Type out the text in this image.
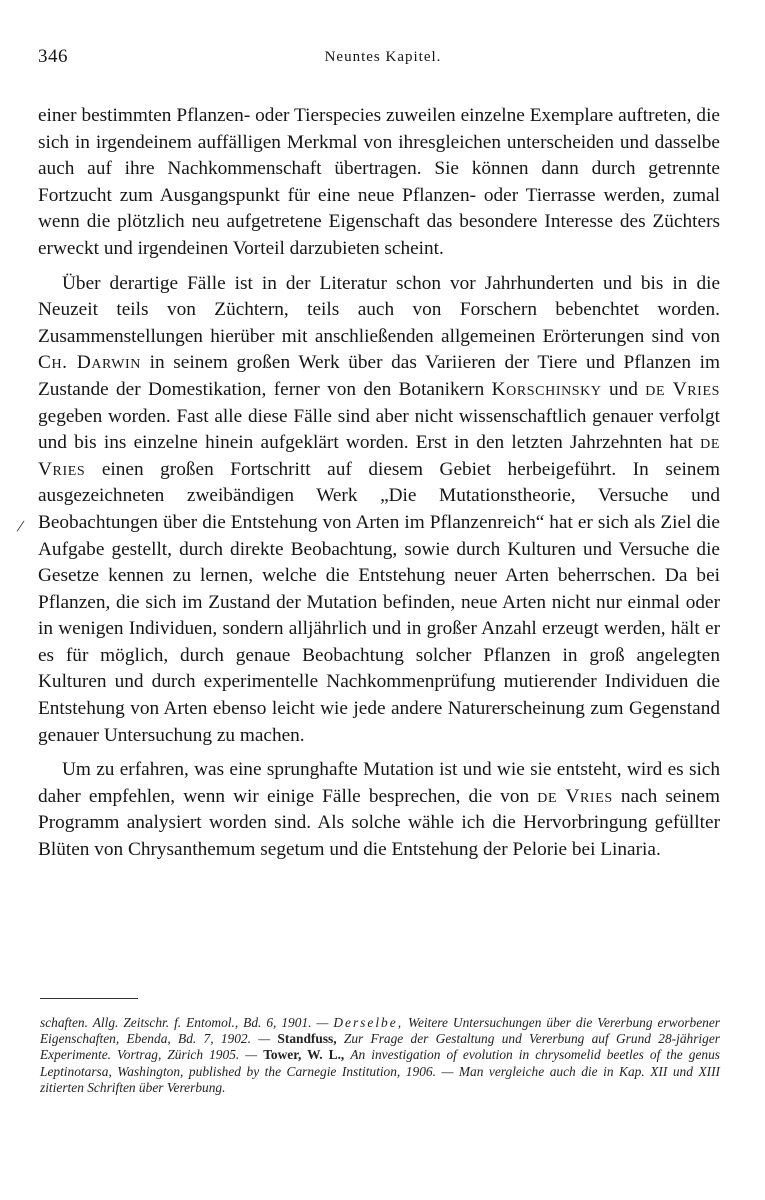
346	Neuntes Kapitel.
/

einer bestimmten Pflanzen- oder Tierspecies zuweilen einzelne Exemplare auftreten, die sich in irgendeinem auffälligen Merkmal von ihresgleichen unterscheiden und dasselbe auch auf ihre Nachkommenschaft übertragen. Sie können dann durch getrennte Fortzucht zum Ausgangspunkt für eine neue Pflanzen- oder Tierrasse werden, zumal wenn die plötzlich neu aufgetretene Eigenschaft das besondere Interesse des Züchters erweckt und irgendeinen Vorteil darzubieten scheint.

Über derartige Fälle ist in der Literatur schon vor Jahrhunderten und bis in die Neuzeit teils von Züchtern, teils auch von Forschern bebenchtet worden. Zusammenstellungen hierüber mit anschließenden allgemeinen Erörterungen sind von Ch. Darwin in seinem großen Werk über das Variieren der Tiere und Pflanzen im Zustande der Domestikation, ferner von den Botanikern Korschinsky und de Vries gegeben worden. Fast alle diese Fälle sind aber nicht wissenschaftlich genauer verfolgt und bis ins einzelne hinein aufgeklärt worden. Erst in den letzten Jahrzehnten hat de Vries einen großen Fortschritt auf diesem Gebiet herbeigeführt. In seinem ausgezeichneten zweibändigen Werk „Die Mutationstheorie, Versuche und Beobachtungen über die Entstehung von Arten im Pflanzenreich“ hat er sich als Ziel die Aufgabe gestellt, durch direkte Beobachtung, sowie durch Kulturen und Versuche die Gesetze kennen zu lernen, welche die Entstehung neuer Arten beherrschen. Da bei Pflanzen, die sich im Zustand der Mutation befinden, neue Arten nicht nur einmal oder in wenigen Individuen, sondern alljährlich und in großer Anzahl erzeugt werden, hält er es für möglich, durch genaue Beobachtung solcher Pflanzen in groß angelegten Kulturen und durch experimentelle Nachkommenprüfung mutierender Individuen die Entstehung von Arten ebenso leicht wie jede andere Naturerscheinung zum Gegenstand genauer Untersuchung zu machen.

Um zu erfahren, was eine sprunghafte Mutation ist und wie sie entsteht, wird es sich daher empfehlen, wenn wir einige Fälle besprechen, die von de Vries nach seinem Programm analysiert worden sind. Als solche wähle ich die Hervorbringung gefüllter Blüten von Chrysanthemum segetum und die Entstehung der Pelorie bei Linaria.

schaften. Allg. Zeitschr. f. Entomol., Bd. 6, 1901. — Derselbe, Weitere Untersuchungen über die Vererbung erworbener Eigenschaften, Ebenda, Bd. 7, 1902. — Standfuss, Zur Frage der Gestaltung und Vererbung auf Grund 28-jähriger Experimente. Vortrag, Zürich 1905. — Tower, W. L., An investigation of evolution in chrysomelid beetles of the genus Leptinotarsa, Washington, published by the Carnegie Institution, 1906. — Man vergleiche auch die in Kap. XII und XIII zitierten Schriften über Vererbung.
